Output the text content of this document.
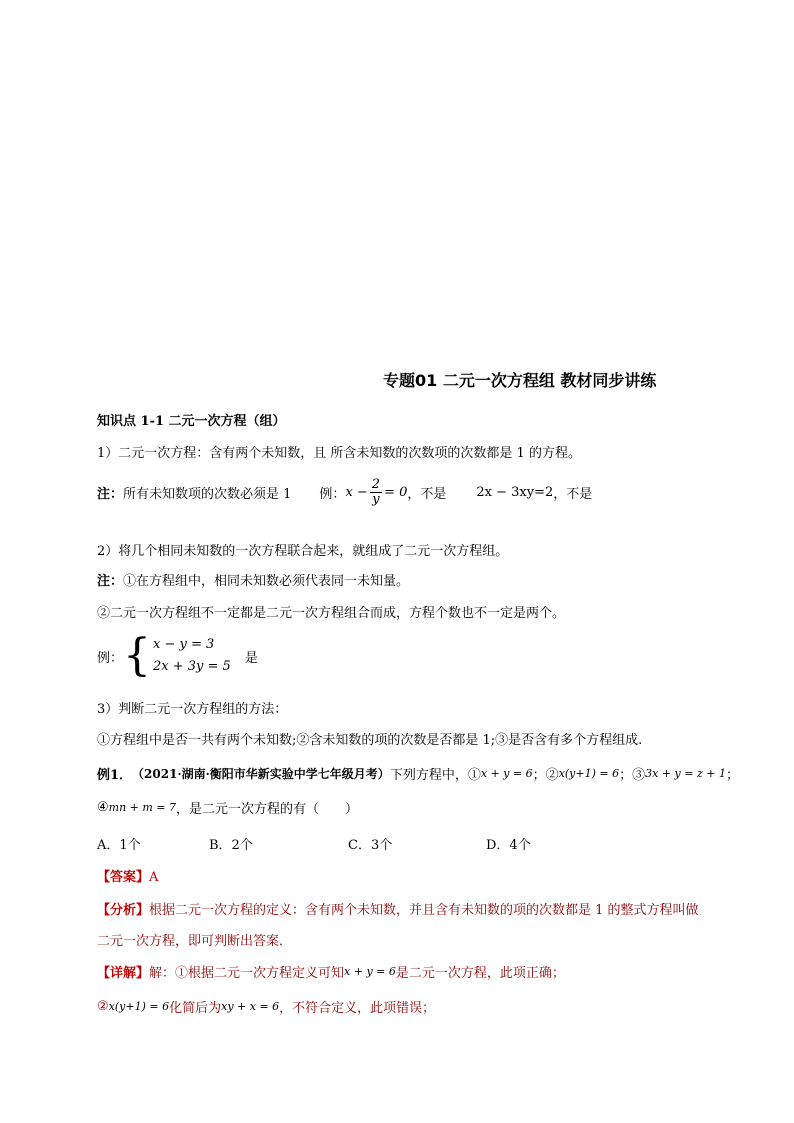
专题01 二元一次方程组 教材同步讲练
知识点 1-1 二元一次方程（组）
1）二元一次方程：含有两个未知数，且 所含未知数的次数项的次数都是 1 的方程。
注： 所有未知数项的次数必须是 1 例： $x - \frac{2}{y} = 0$ ，不是 2x − 3xy=2 ，不是
2）将几个相同未知数的一次方程联合起来，就组成了二元一次方程组。
注：①在方程组中，相同未知数必须代表同一未知量。
②二元一次方程组不一定都是二元一次方程组合而成，方程个数也不一定是两个。
例： { x − y = 3
2x + 3y = 5
是
3）判断二元一次方程组的方法：
①方程组中是否一共有两个未知数;②含未知数的项的次数是否都是 1;③是否含有多个方程组成.
例1． （2021·湖南·衡阳市华新实验中学七年级月考） 下列方程中，① x + y = 6 ；② x(y+1) = 6 ；③ 3x + y = z + 1 ；
④ mn + m = 7 ，是二元一次方程的有（　　）
A．1个	B．2个	C．3个	D．4个
【答案】A
【分析】根据二元一次方程的定义：含有两个未知数，并且含有未知数的项的次数都是 1 的整式方程叫做
二元一次方程，即可判断出答案．
【详解】 解：①根据二元一次方程定义可知 x + y = 6 是二元一次方程，此项正确；
② x(y+1) = 6 化简后为 xy + x = 6 ，不符合定义，此项错误；
